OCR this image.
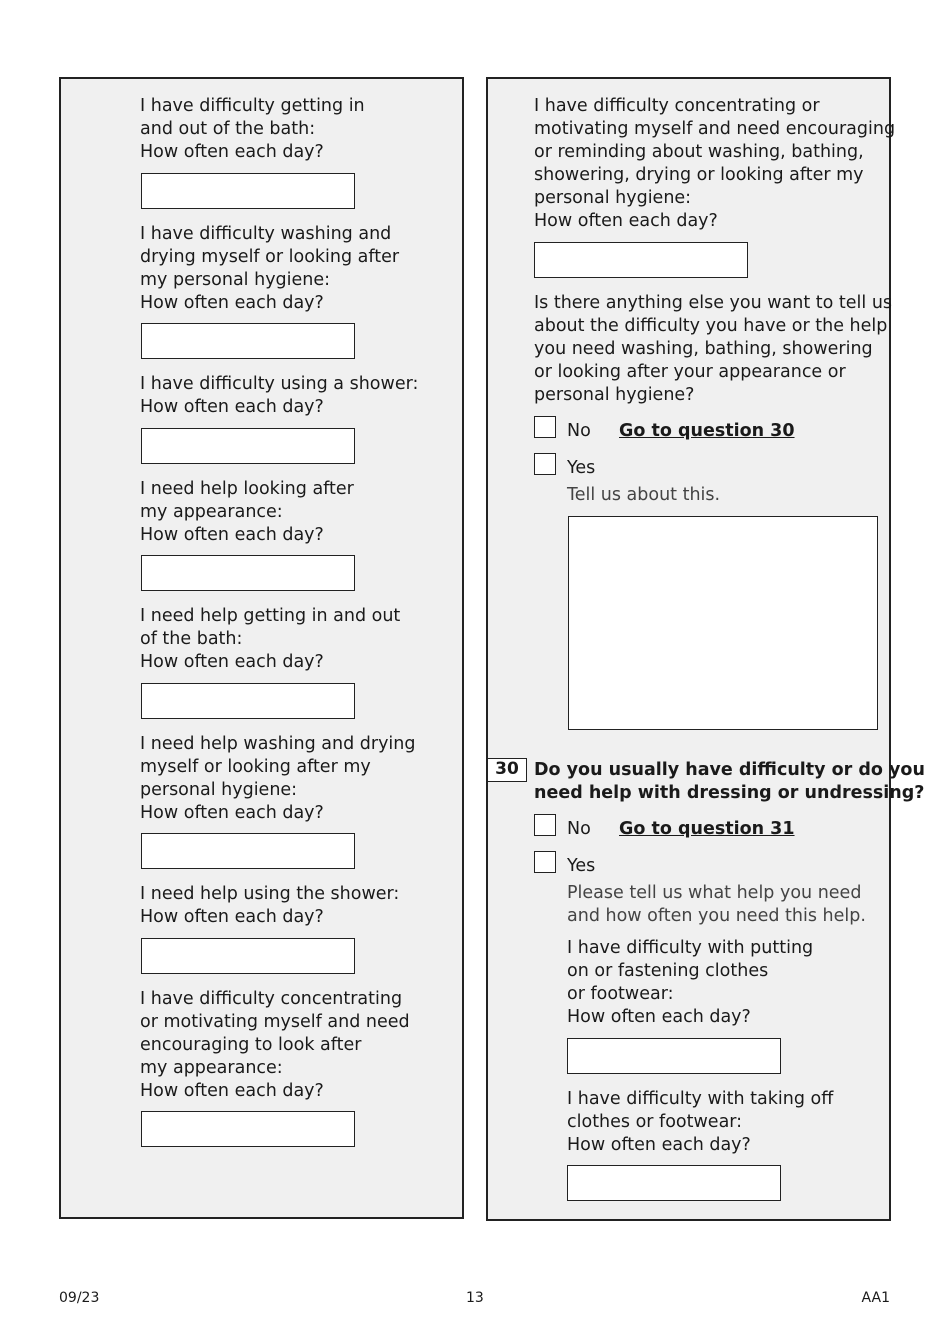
I have difficulty getting in
and out of the bath:
How often each day?
I have difficulty washing and
drying myself or looking after
my personal hygiene:
How often each day?
I have difficulty using a shower:
How often each day?
I need help looking after
my appearance:
How often each day?
I need help getting in and out
of the bath:
How often each day?
I need help washing and drying
myself or looking after my
personal hygiene:
How often each day?
I need help using the shower:
How often each day?
I have difficulty concentrating
or motivating myself and need
encouraging to look after
my appearance:
How often each day?
I have difficulty concentrating or
motivating myself and need encouraging
or reminding about washing, bathing,
showering, drying or looking after my
personal hygiene:
How often each day?
Is there anything else you want to tell us
about the difficulty you have or the help
you need washing, bathing, showering
or looking after your appearance or
personal hygiene?
No Go to question 30
Yes
Tell us about this.
30 Do you usually have difficulty or do you
need help with dressing or undressing?
No Go to question 31
Yes
Please tell us what help you need
and how often you need this help.
I have difficulty with putting
on or fastening clothes
or footwear:
How often each day?
I have difficulty with taking off
clothes or footwear:
How often each day?
09/23	13	AA1
